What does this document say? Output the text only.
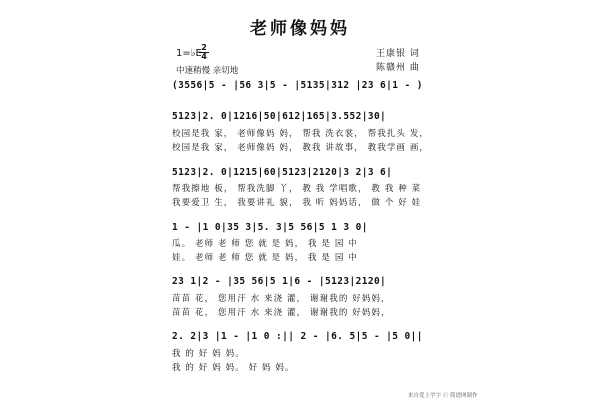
老师像妈妈
1=♭E
2
4
中速稍慢 亲切地
王康银 词
陈赣州 曲
(3556|5 - |56 3|5 - |5135|312 |23 6|1 - )
5123|2. 0|1216|50|612|165|3.552|30|
校园是我 家， 老师像妈 妈， 帮我 洗衣裳， 帮我扎头 发，
校园是我 家， 老师像妈 妈， 教我 讲故事， 教我学画 画，
5123|2. 0|1215|60|5123|2120|3 2|3 6|
帮我擦地 板， 帮我洗脚 丫， 教 我 学唱歌， 教 我 种 菜
我要爱卫 生， 我要讲礼 貌， 我 听 妈妈话， 做 个 好 娃
1 - |1 0|35 3|5. 3|5 56|5 1 3 0|
瓜。 老师 老 师 您 就 是 妈， 我 是 园 中
娃。 老师 老 师 您 就 是 妈， 我 是 园 中
23 1|2 - |35 56|5 1|6 - |5123|2120|
苗苗 花， 您用汗 水 来浇 灌， 谢谢我的 好妈妈，
苗苗 花， 您用汗 水 来浇 灌， 谢谢我的 好妈妈，
2. 2|3 |1 - |1 0 :|| 2 - |6. 5|5 - |5 0||
我 的 好 妈 妈。
我 的 好 妈 妈。 好 妈 妈。
来自爱上学字 ⓒ 简谱网制作
